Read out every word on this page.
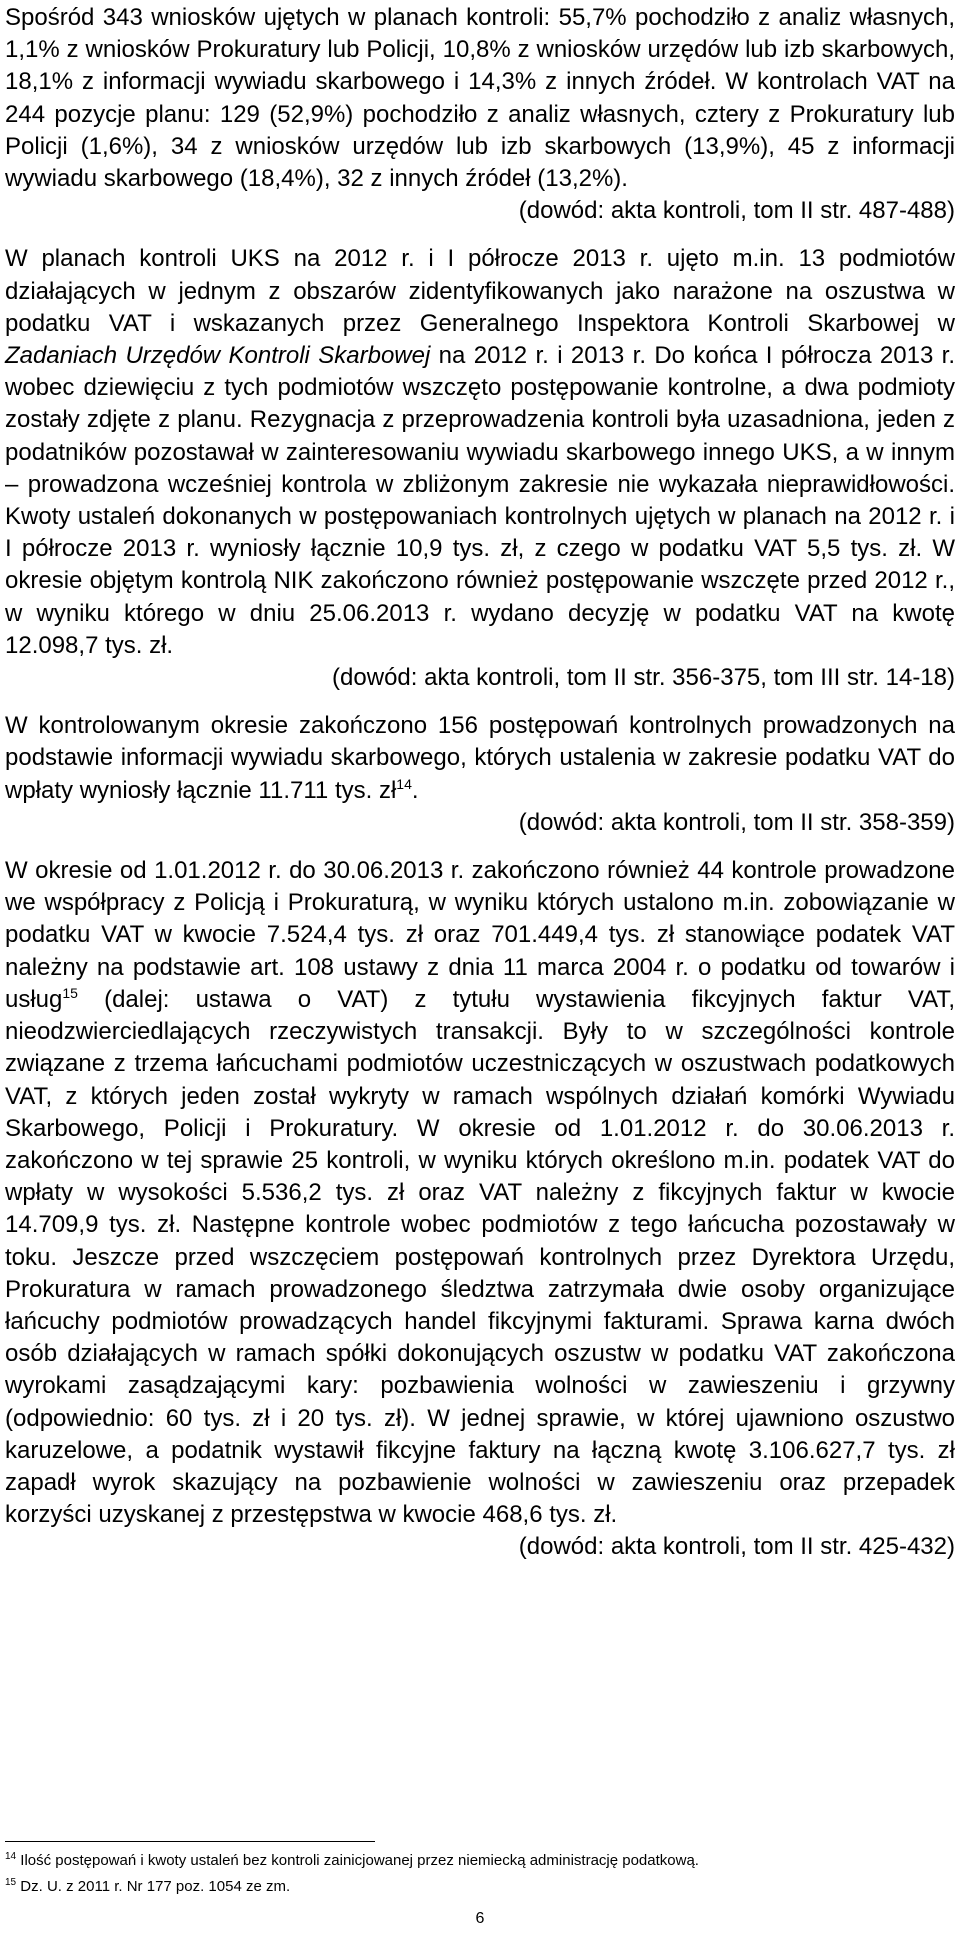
Spośród 343 wniosków ujętych w planach kontroli: 55,7% pochodziło z analiz własnych, 1,1% z wniosków Prokuratury lub Policji, 10,8% z wniosków urzędów lub izb skarbowych, 18,1% z informacji wywiadu skarbowego i 14,3% z innych źródeł. W kontrolach VAT na 244 pozycje planu: 129 (52,9%) pochodziło z analiz własnych, cztery z Prokuratury lub Policji (1,6%), 34 z wniosków urzędów lub izb skarbowych (13,9%), 45 z informacji wywiadu skarbowego (18,4%), 32 z innych źródeł (13,2%).

(dowód: akta kontroli, tom II str. 487-488)

W planach kontroli UKS na 2012 r. i I półrocze 2013 r. ujęto m.in. 13 podmiotów działających w jednym z obszarów zidentyfikowanych jako narażone na oszustwa w podatku VAT i wskazanych przez Generalnego Inspektora Kontroli Skarbowej w Zadaniach Urzędów Kontroli Skarbowej na 2012 r. i 2013 r. Do końca I półrocza 2013 r. wobec dziewięciu z tych podmiotów wszczęto postępowanie kontrolne, a dwa podmioty zostały zdjęte z planu. Rezygnacja z przeprowadzenia kontroli była uzasadniona, jeden z podatników pozostawał w zainteresowaniu wywiadu skarbowego innego UKS, a w innym – prowadzona wcześniej kontrola w zbliżonym zakresie nie wykazała nieprawidłowości. Kwoty ustaleń dokonanych w postępowaniach kontrolnych ujętych w planach na 2012 r. i I półrocze 2013 r. wyniosły łącznie 10,9 tys. zł, z czego w podatku VAT 5,5 tys. zł. W okresie objętym kontrolą NIK zakończono również postępowanie wszczęte przed 2012 r., w wyniku którego w dniu 25.06.2013 r. wydano decyzję w podatku VAT na kwotę 12.098,7 tys. zł.

(dowód: akta kontroli, tom II str. 356-375, tom III str. 14-18)

W kontrolowanym okresie zakończono 156 postępowań kontrolnych prowadzonych na podstawie informacji wywiadu skarbowego, których ustalenia w zakresie podatku VAT do wpłaty wyniosły łącznie 11.711 tys. $zł^{14}$.

(dowód: akta kontroli, tom II str. 358-359)

W okresie od 1.01.2012 r. do 30.06.2013 r. zakończono również 44 kontrole prowadzone we współpracy z Policją i Prokuraturą, w wyniku których ustalono m.in. zobowiązanie w podatku VAT w kwocie 7.524,4 tys. zł oraz 701.449,4 tys. zł stanowiące podatek VAT należny na podstawie art. 108 ustawy z dnia 11 marca 2004 r. o podatku od towarów i usług$^{15}$ (dalej: ustawa o VAT) z tytułu wystawienia fikcyjnych faktur VAT, nieodzwierciedlających rzeczywistych transakcji. Były to w szczególności kontrole związane z trzema łańcuchami podmiotów uczestniczących w oszustwach podatkowych VAT, z których jeden został wykryty w ramach wspólnych działań komórki Wywiadu Skarbowego, Policji i Prokuratury. W okresie od 1.01.2012 r. do 30.06.2013 r. zakończono w tej sprawie 25 kontroli, w wyniku których określono m.in. podatek VAT do wpłaty w wysokości 5.536,2 tys. zł oraz VAT należny z fikcyjnych faktur w kwocie 14.709,9 tys. zł. Następne kontrole wobec podmiotów z tego łańcucha pozostawały w toku. Jeszcze przed wszczęciem postępowań kontrolnych przez Dyrektora Urzędu, Prokuratura w ramach prowadzonego śledztwa zatrzymała dwie osoby organizujące łańcuchy podmiotów prowadzących handel fikcyjnymi fakturami. Sprawa karna dwóch osób działających w ramach spółki dokonujących oszustw w podatku VAT zakończona wyrokami zasądzającymi kary: pozbawienia wolności w zawieszeniu i grzywny (odpowiednio: 60 tys. zł i 20 tys. zł). W jednej sprawie, w której ujawniono oszustwo karuzelowe, a podatnik wystawił fikcyjne faktury na łączną kwotę 3.106.627,7 tys. zł zapadł wyrok skazujący na pozbawienie wolności w zawieszeniu oraz przepadek korzyści uzyskanej z przestępstwa w kwocie 468,6 tys. zł.

(dowód: akta kontroli, tom II str. 425-432)

$^{14}$ Ilość postępowań i kwoty ustaleń bez kontroli zainicjowanej przez niemiecką administrację podatkową.
$^{15}$ Dz. U. z 2011 r. Nr 177 poz. 1054 ze zm.
6
